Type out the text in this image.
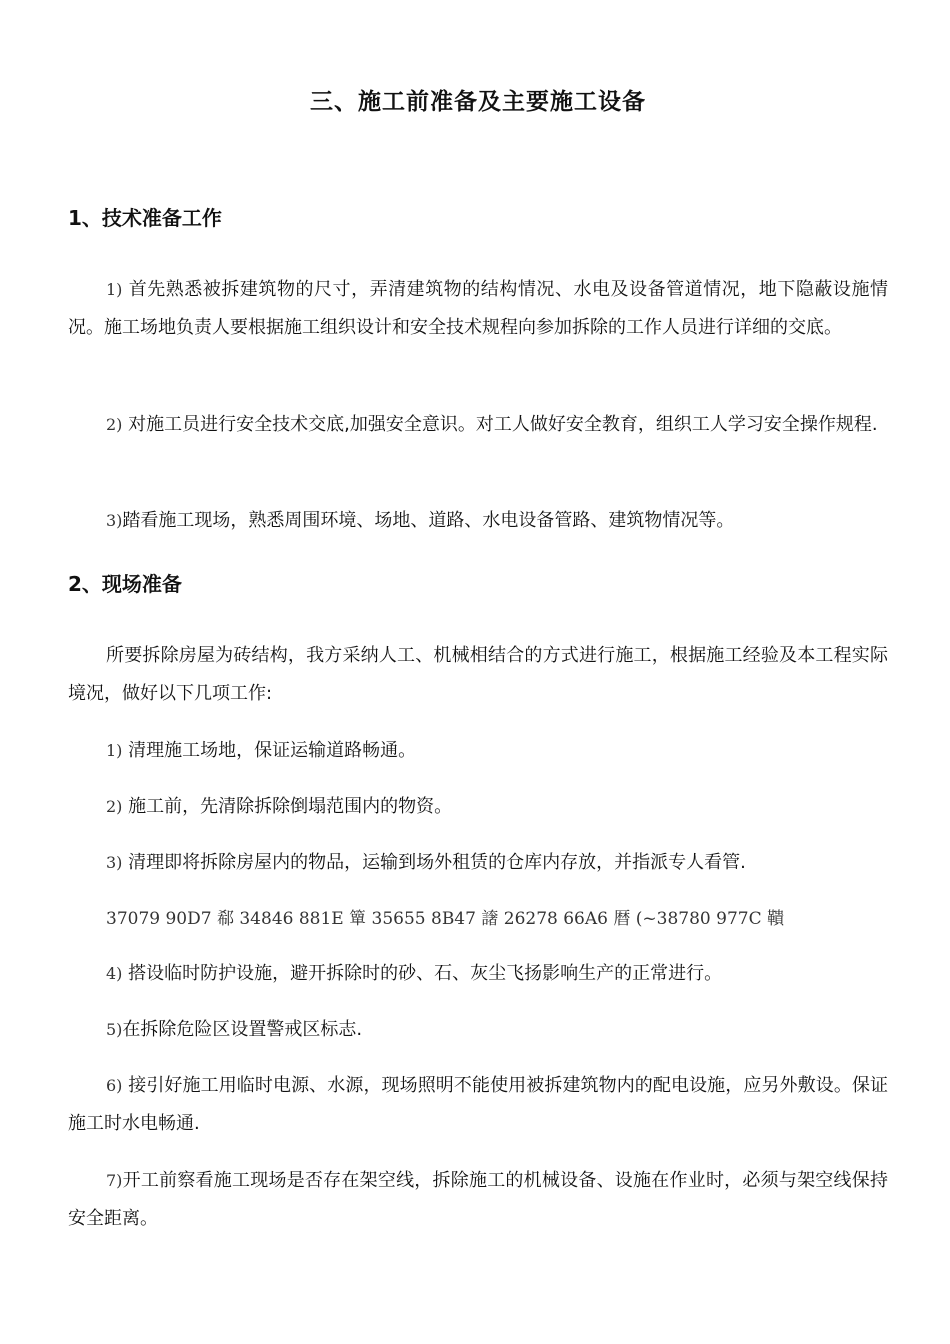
三、施工前准备及主要施工设备
1、技术准备工作

1) 首先熟悉被拆建筑物的尺寸，弄清建筑物的结构情况、水电及设备管道情况，地下隐蔽设施情况。施工场地负责人要根据施工组织设计和安全技术规程向参加拆除的工作人员进行详细的交底。

2) 对施工员进行安全技术交底,加强安全意识。对工人做好安全教育，组织工人学习安全操作规程.

3)踏看施工现场，熟悉周围环境、场地、道路、水电设备管路、建筑物情况等。

2、现场准备

所要拆除房屋为砖结构，我方采纳人工、机械相结合的方式进行施工，根据施工经验及本工程实际境况，做好以下几项工作:

1) 清理施工场地，保证运输道路畅通。

2) 施工前，先清除拆除倒塌范围内的物资。

3) 清理即将拆除房屋内的物品，运输到场外租赁的仓库内存放，并指派专人看管.

37079 90D7 郗 34846 881E 簞 35655 8B47 譇 26278 66A6 暦 (~38780 977C 鞼

4) 搭设临时防护设施，避开拆除时的砂、石、灰尘飞扬影响生产的正常进行。

5)在拆除危险区设置警戒区标志.

6) 接引好施工用临时电源、水源，现场照明不能使用被拆建筑物内的配电设施，应另外敷设。保证施工时水电畅通.

7)开工前察看施工现场是否存在架空线，拆除施工的机械设备、设施在作业时，必须与架空线保持安全距离。
